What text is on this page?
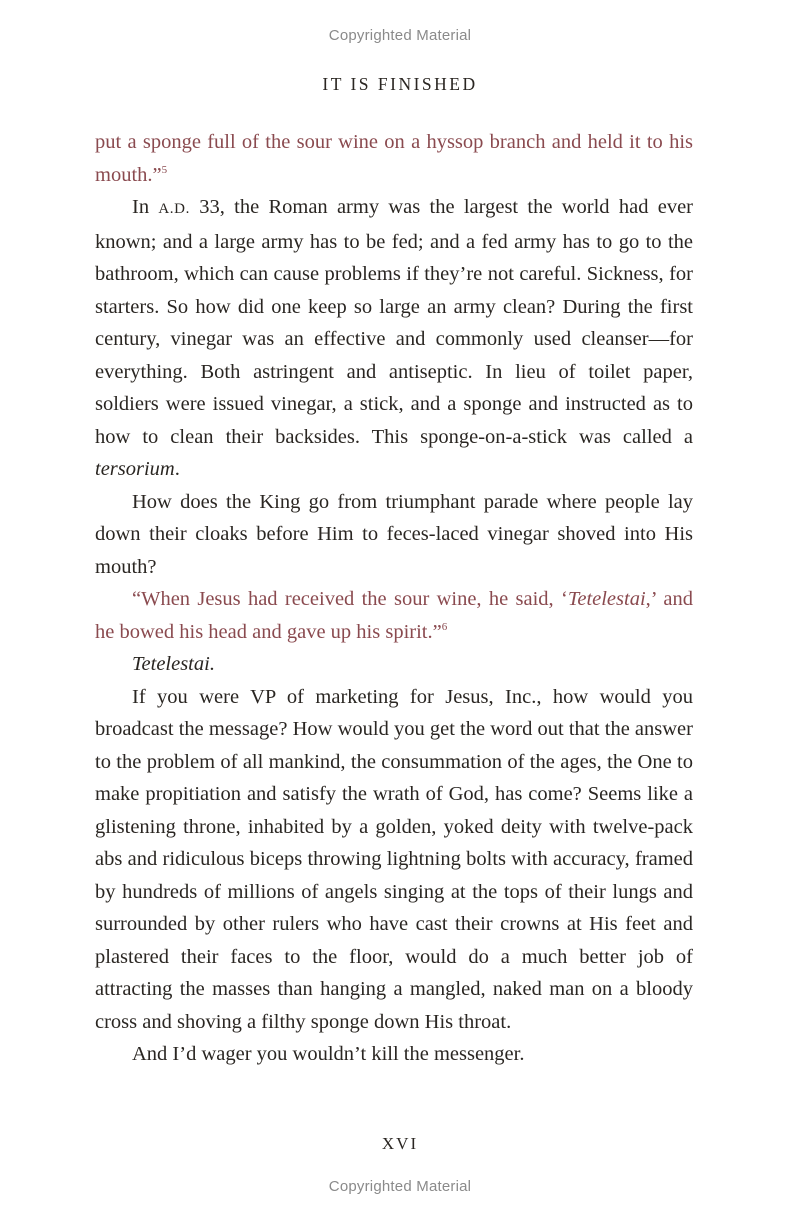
Copyrighted Material
IT IS FINISHED

put a sponge full of the sour wine on a hyssop branch and held it to his mouth.”$^5$

In A.D. 33, the Roman army was the largest the world had ever known; and a large army has to be fed; and a fed army has to go to the bathroom, which can cause problems if they’re not careful. Sickness, for starters. So how did one keep so large an army clean? During the first century, vinegar was an effective and commonly used cleanser—for everything. Both astringent and antiseptic. In lieu of toilet paper, soldiers were issued vinegar, a stick, and a sponge and instructed as to how to clean their backsides. This sponge-on-a-stick was called a tersorium.

How does the King go from triumphant parade where people lay down their cloaks before Him to feces-laced vinegar shoved into His mouth?

“When Jesus had received the sour wine, he said, ‘Tetelestai,’ and he bowed his head and gave up his spirit.”$^6$

Tetelestai.

If you were VP of marketing for Jesus, Inc., how would you broadcast the message? How would you get the word out that the answer to the problem of all mankind, the consummation of the ages, the One to make propitiation and satisfy the wrath of God, has come? Seems like a glistening throne, inhabited by a golden, yoked deity with twelve-pack abs and ridiculous biceps throwing lightning bolts with accuracy, framed by hundreds of millions of angels singing at the tops of their lungs and surrounded by other rulers who have cast their crowns at His feet and plastered their faces to the floor, would do a much better job of attracting the masses than hanging a mangled, naked man on a bloody cross and shoving a filthy sponge down His throat.

And I’d wager you wouldn’t kill the messenger.

XVI
Copyrighted Material
